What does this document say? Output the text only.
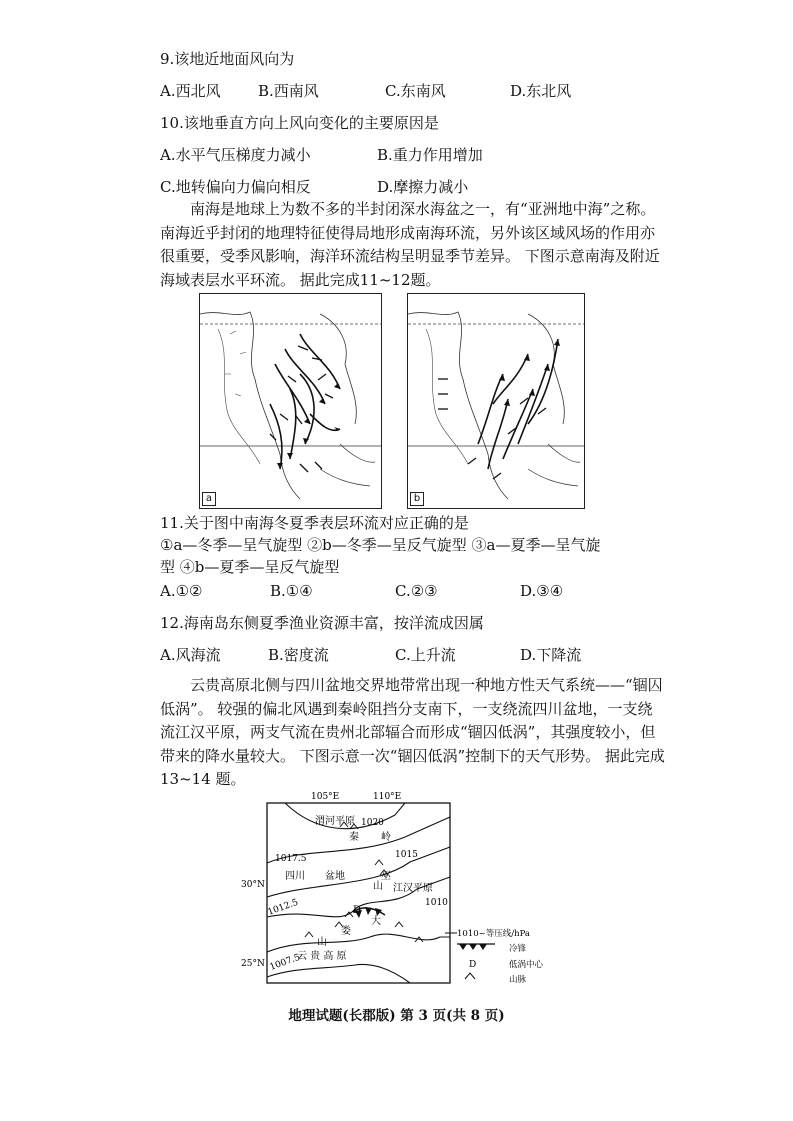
9.该地近地面风向为
A.西北风 B.西南风	C.东南风	D.东北风
10.该地垂直方向上风向变化的主要原因是
A.水平气压梯度力减小	B.重力作用增加
C.地转偏向力偏向相反	D.摩擦力减小
南海是地球上为数不多的半封闭深水海盆之一，有“亚洲地中海”之称。南海近乎封闭的地理特征使得局地形成南海环流，另外该区域风场的作用亦很重要，受季风影响，海洋环流结构呈明显季节差异。 下图示意南海及附近海域表层水平环流。 据此完成11~12题。
a	b
11.关于图中南海冬夏季表层环流对应正确的是
①a—冬季—呈气旋型 ②b—冬季—呈反气旋型 ③a—夏季—呈气旋
型 ④b—夏季—呈反气旋型
A.①②	B.①④	C.②③	D.③④
12.海南岛东侧夏季渔业资源丰富，按洋流成因属
A.风海流	B.密度流	C.上升流	D.下降流
云贵高原北侧与四川盆地交界地带常出现一种地方性天气系统——“锢囚低涡”。 较强的偏北风遇到秦岭阻挡分支南下，一支绕流四川盆地，一支绕流江汉平原，两支气流在贵州北部辐合而形成“锢囚低涡”，其强度较小，但带来的降水量较大。 下图示意一次“锢囚低涡”控制下的天气形势。 据此完成13~14 题。
105°E	110°E
30°N
25°N
1020
1017.5	1015
1012.5	1010
1007.5
渭河平原
秦 岭
四川 盆地	巫
山 江汉平原
大
娄
山
云 贵 高 原
D
1010~等压线/hPa
冷锋
D	低涡中心
山脉
地理试题(长郡版) 第 3 页(共 8 页)
